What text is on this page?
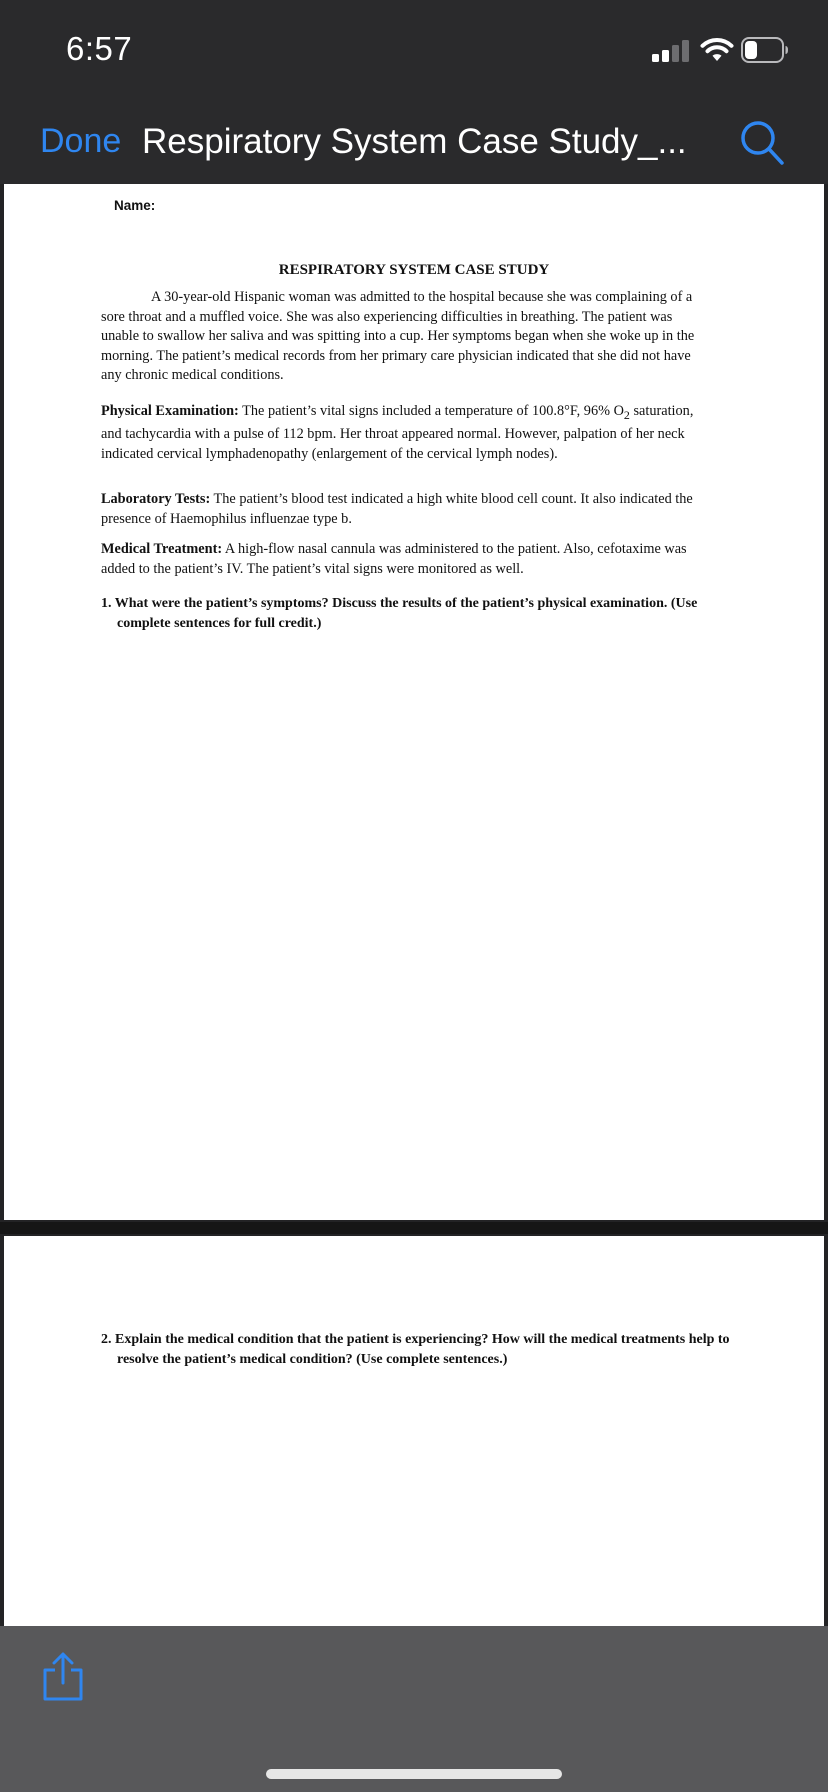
6:57
Done Respiratory System Case Study_...
Name:
RESPIRATORY SYSTEM CASE STUDY

A 30-year-old Hispanic woman was admitted to the hospital because she was complaining of a sore throat and a muffled voice. She was also experiencing difficulties in breathing. The patient was unable to swallow her saliva and was spitting into a cup. Her symptoms began when she woke up in the morning. The patient’s medical records from her primary care physician indicated that she did not have any chronic medical conditions.

Physical Examination: The patient’s vital signs included a temperature of 100.8°F, 96% $O_2$ saturation, and tachycardia with a pulse of 112 bpm. Her throat appeared normal. However, palpation of her neck indicated cervical lymphadenopathy (enlargement of the cervical lymph nodes).

Laboratory Tests: The patient’s blood test indicated a high white blood cell count. It also indicated the presence of Haemophilus influenzae type b.

Medical Treatment: A high-flow nasal cannula was administered to the patient. Also, cefotaxime was added to the patient’s IV. The patient’s vital signs were monitored as well.

1. What were the patient’s symptoms? Discuss the results of the patient’s physical examination. (Use complete sentences for full credit.)

2. Explain the medical condition that the patient is experiencing? How will the medical treatments help to resolve the patient’s medical condition? (Use complete sentences.)
